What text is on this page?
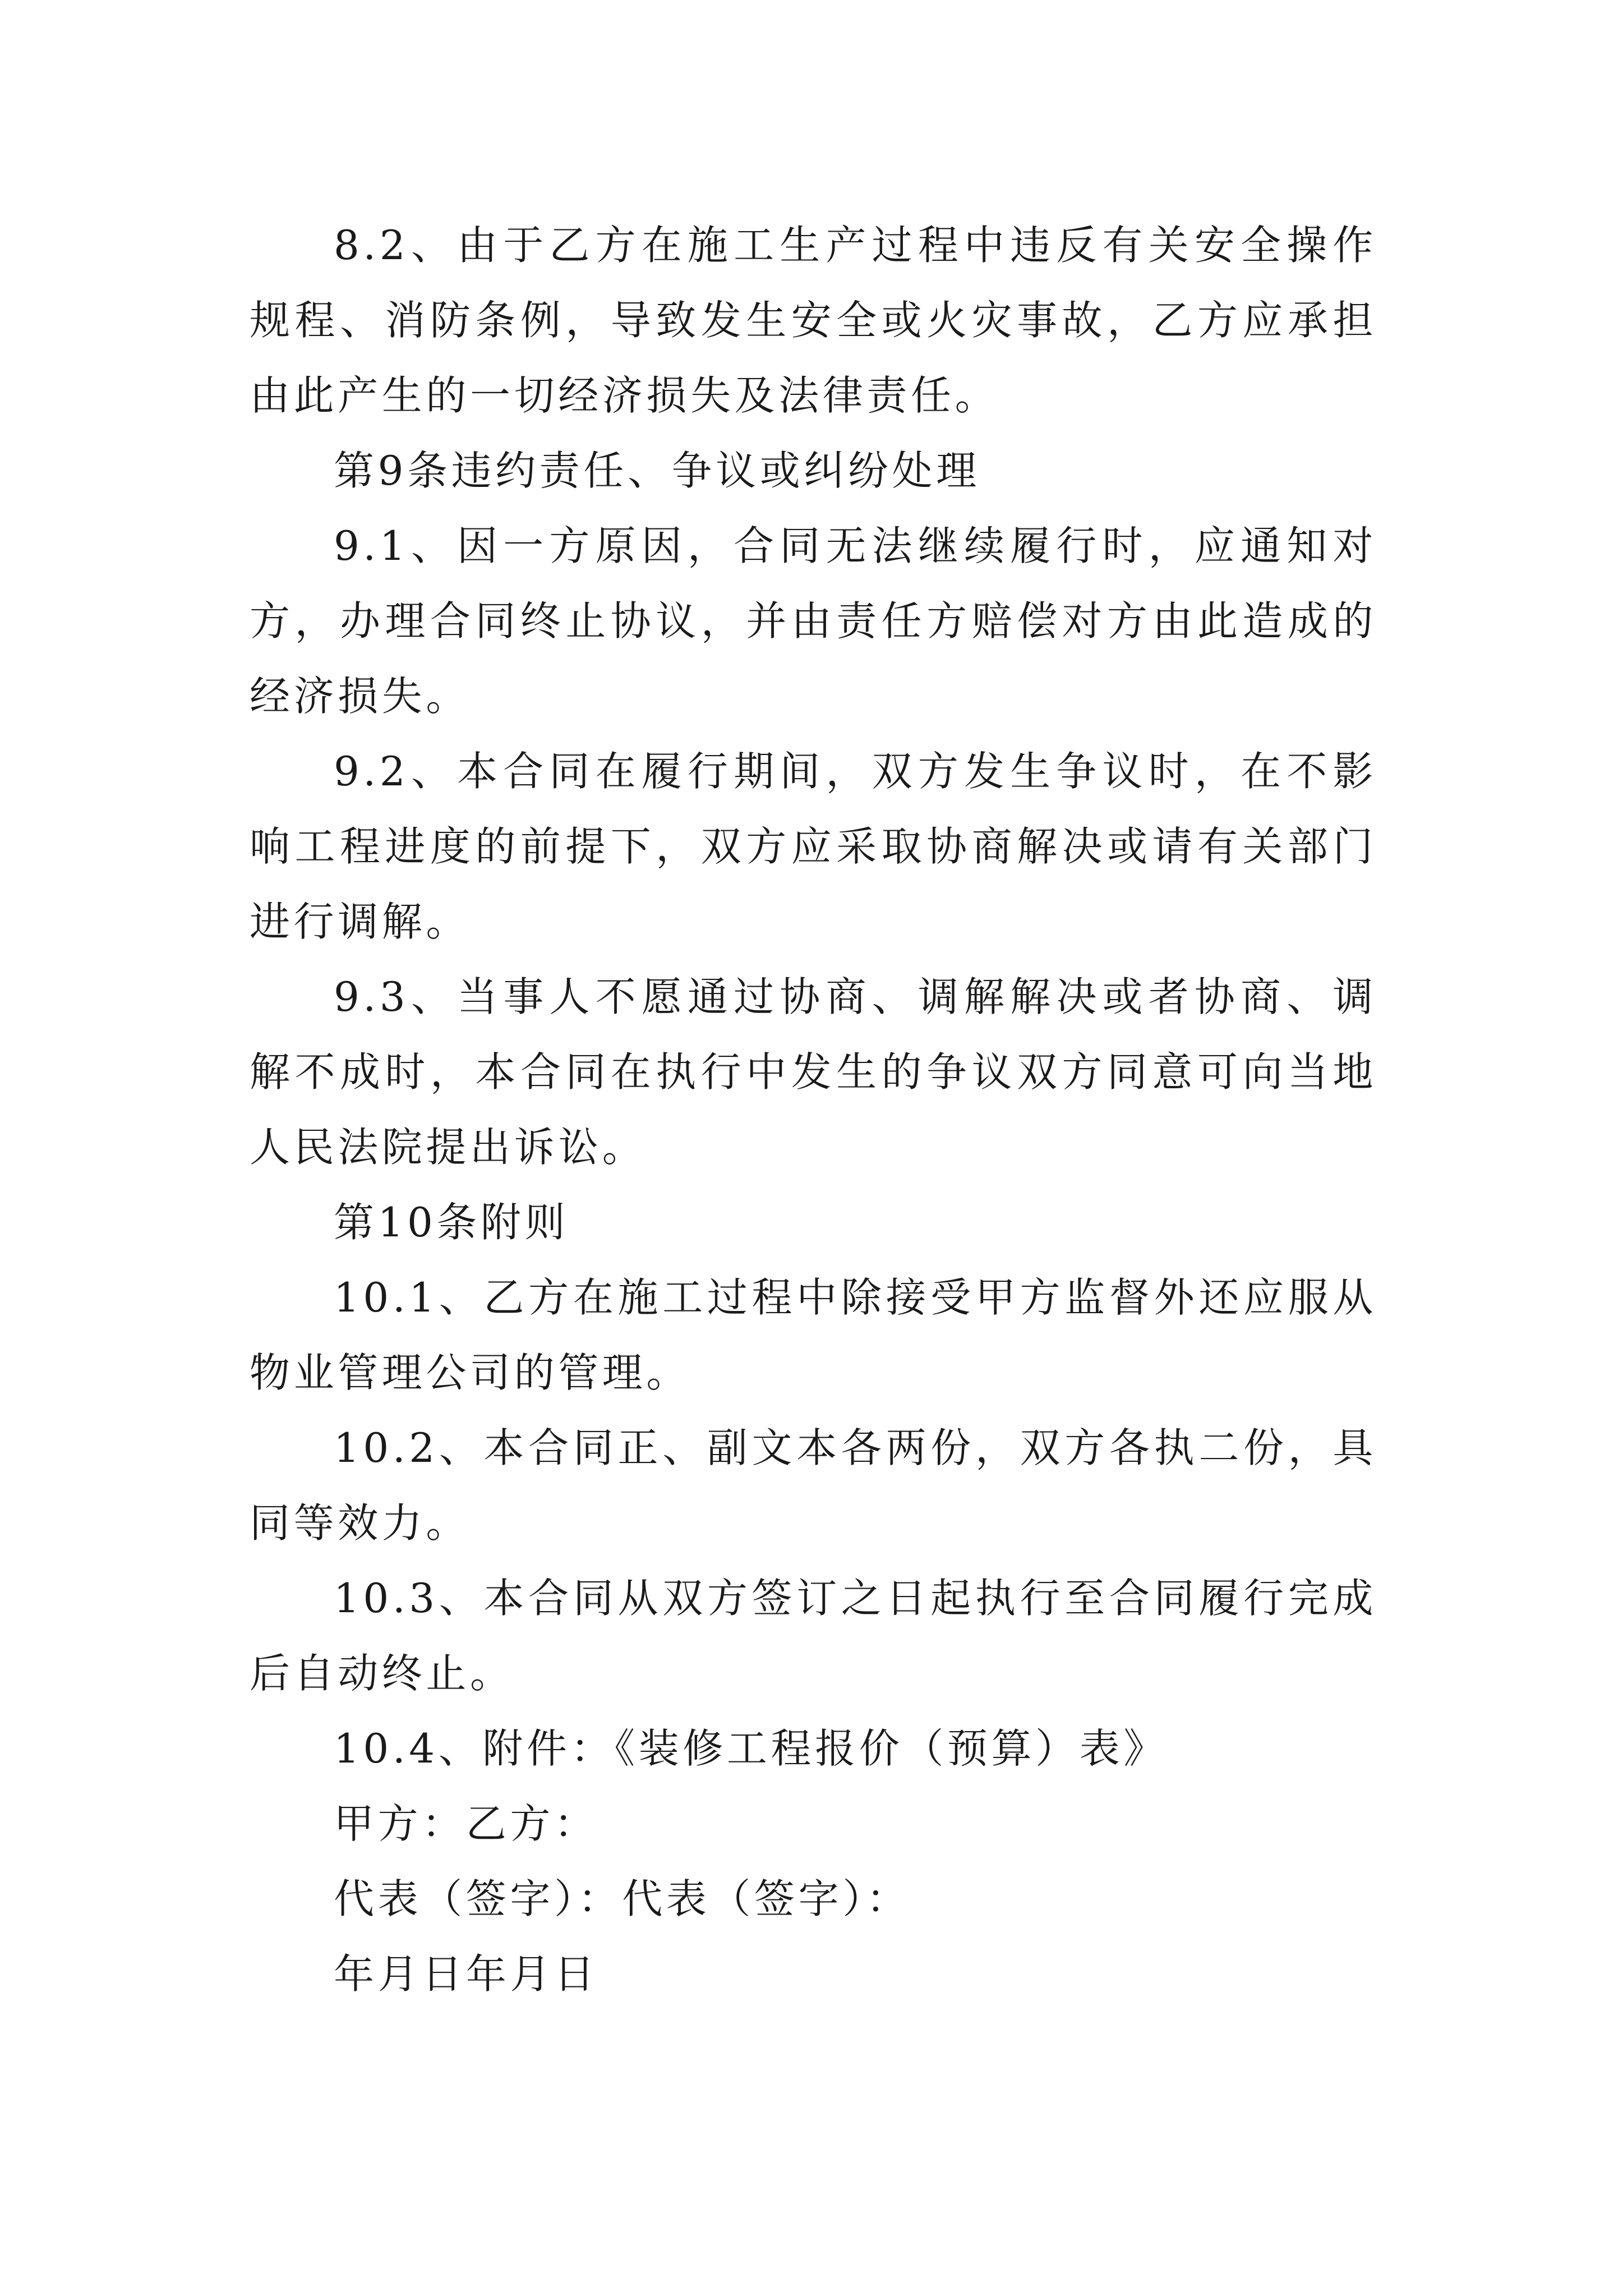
8.2、由于乙方在施工生产过程中违反有关安全操作规程、消防条例，导致发生安全或火灾事故，乙方应承担由此产生的一切经济损失及法律责任。

第9条违约责任、争议或纠纷处理

9.1、因一方原因，合同无法继续履行时，应通知对方，办理合同终止协议，并由责任方赔偿对方由此造成的经济损失。

9.2、本合同在履行期间，双方发生争议时，在不影响工程进度的前提下，双方应采取协商解决或请有关部门进行调解。

9.3、当事人不愿通过协商、调解解决或者协商、调解不成时，本合同在执行中发生的争议双方同意可向当地人民法院提出诉讼。

第10条附则

10.1、乙方在施工过程中除接受甲方监督外还应服从物业管理公司的管理。

10.2、本合同正、副文本各两份，双方各执二份，具同等效力。

10.3、本合同从双方签订之日起执行至合同履行完成后自动终止。

10.4、附件：《装修工程报价（预算）表》

甲方：乙方：

代表（签字）：代表（签字）：

年月日年月日
